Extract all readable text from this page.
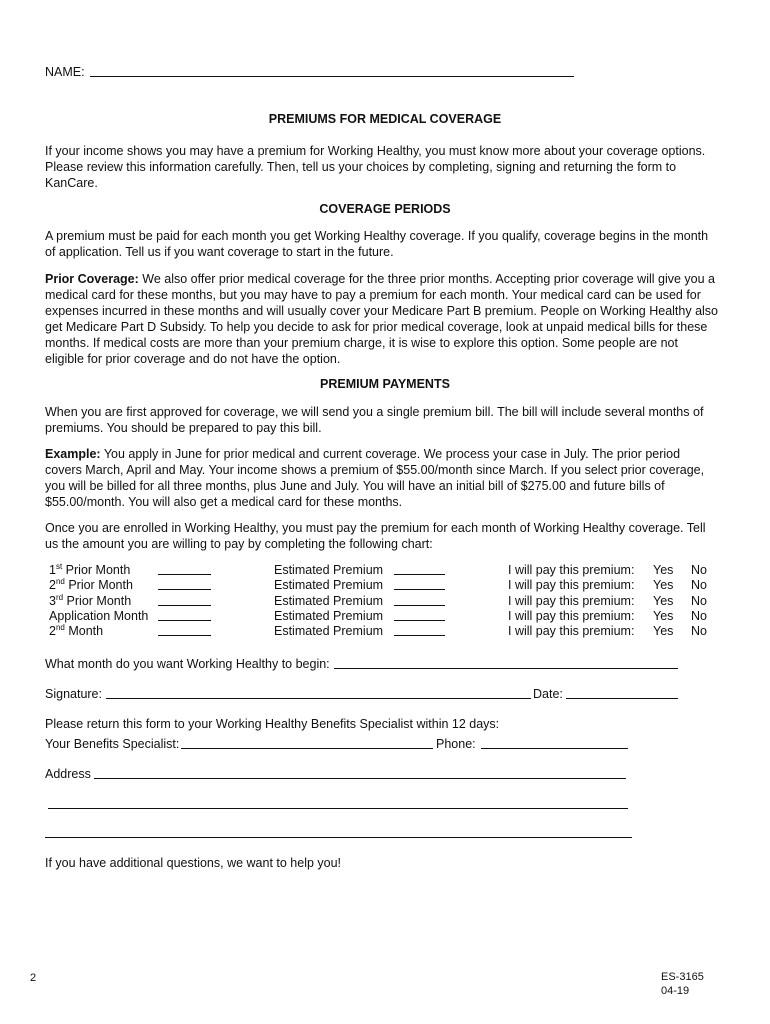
NAME:
PREMIUMS FOR MEDICAL COVERAGE
If your income shows you may have a premium for Working Healthy, you must know more about your coverage options.
Please review this information carefully. Then, tell us your choices by completing, signing and returning the form to
KanCare.
COVERAGE PERIODS
A premium must be paid for each month you get Working Healthy coverage. If you qualify, coverage begins in the month
of application. Tell us if you want coverage to start in the future.
Prior Coverage: We also offer prior medical coverage for the three prior months. Accepting prior coverage will give you a
medical card for these months, but you may have to pay a premium for each month. Your medical card can be used for
expenses incurred in these months and will usually cover your Medicare Part B premium. People on Working Healthy also
get Medicare Part D Subsidy. To help you decide to ask for prior medical coverage, look at unpaid medical bills for these
months. If medical costs are more than your premium charge, it is wise to explore this option. Some people are not
eligible for prior coverage and do not have the option.
PREMIUM PAYMENTS
When you are first approved for coverage, we will send you a single premium bill. The bill will include several months of
premiums. You should be prepared to pay this bill.
Example: You apply in June for prior medical and current coverage. We process your case in July. The prior period
covers March, April and May. Your income shows a premium of $55.00/month since March. If you select prior coverage,
you will be billed for all three months, plus June and July. You will have an initial bill of $275.00 and future bills of
$55.00/month. You will also get a medical card for these months.
Once you are enrolled in Working Healthy, you must pay the premium for each month of Working Healthy coverage. Tell
us the amount you are willing to pay by completing the following chart:
1st Prior Month	Estimated Premium	I will pay this premium: Yes No
2nd Prior Month	Estimated Premium	I will pay this premium: Yes No
3rd Prior Month	Estimated Premium	I will pay this premium: Yes No
Application Month	Estimated Premium	I will pay this premium: Yes No
2nd Month	Estimated Premium	I will pay this premium: Yes No
What month do you want Working Healthy to begin:
Signature:	Date:
Please return this form to your Working Healthy Benefits Specialist within 12 days:
Your Benefits Specialist:	Phone:
Address
If you have additional questions, we want to help you!
2	ES-3165
04-19
